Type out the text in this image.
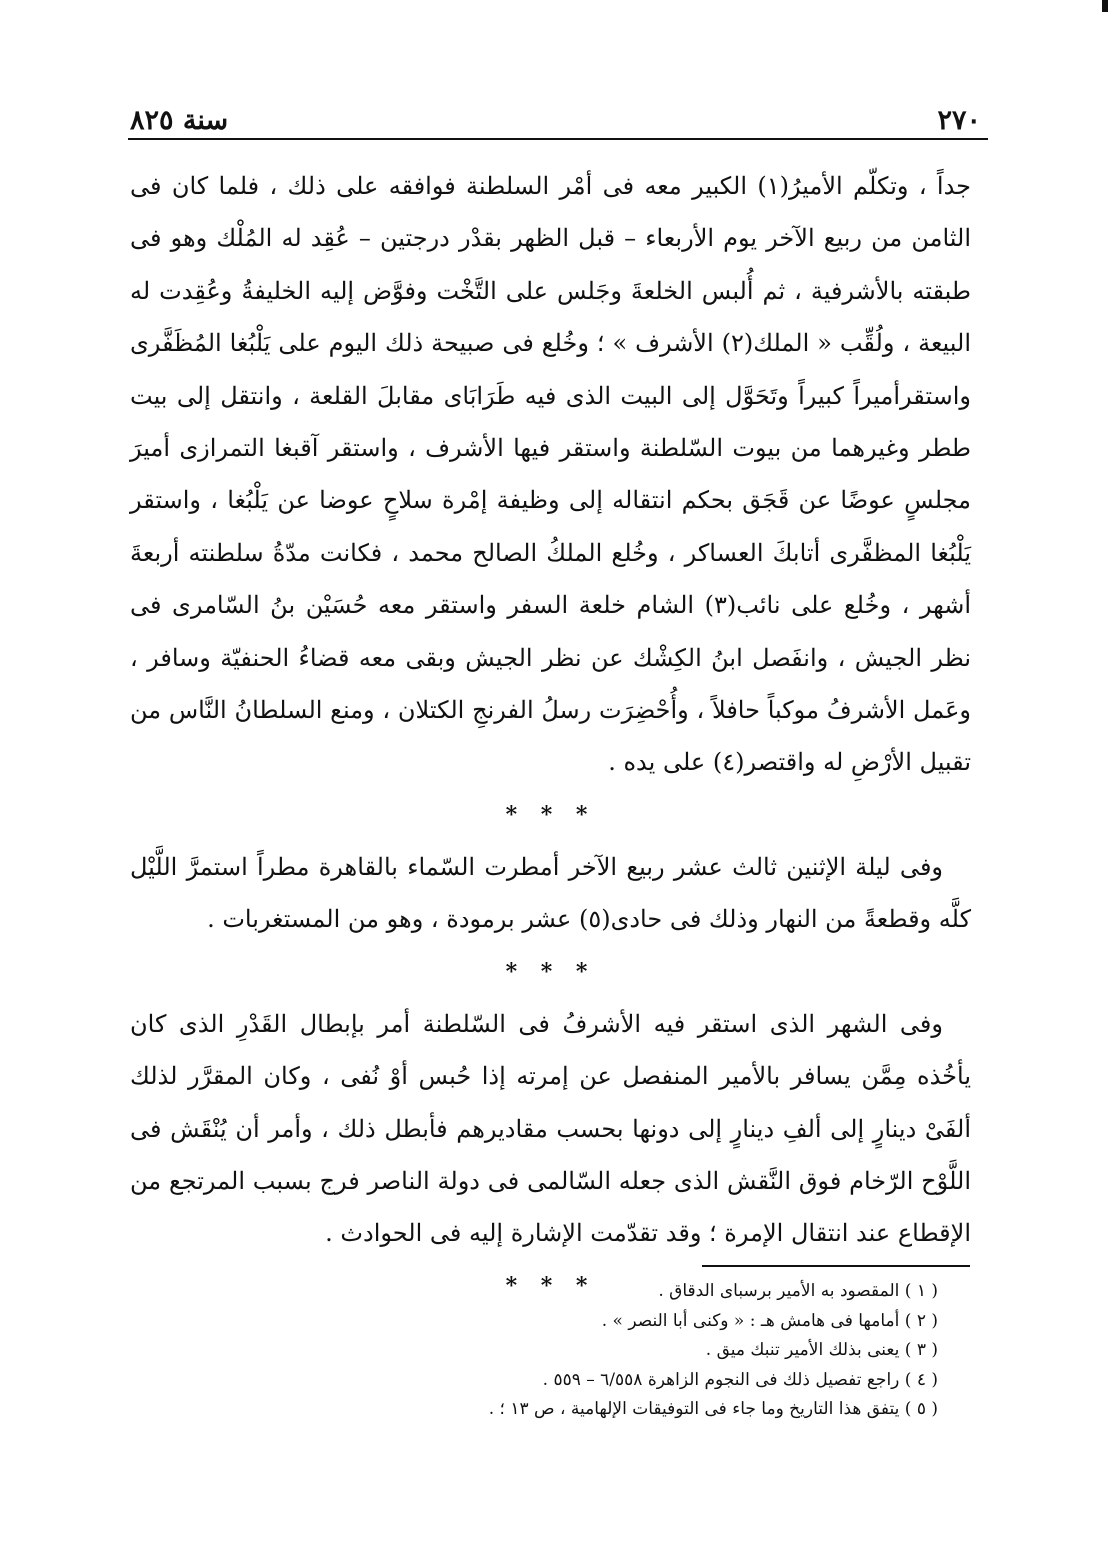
سنة ٨٢٥	٢٧٠

جداً ، وتكلّم الأميرُ(١) الكبير معه فى أمْر السلطنة فوافقه على ذلك ، فلما كان فى الثامن من ربيع الآخر يوم الأربعاء – قبل الظهر بقدْر درجتين – عُقِد له المُلْك وهو فى طبقته بالأشرفية ، ثم أُلبس الخلعةَ وجَلس على التَّخْت وفوَّض إليه الخليفةُ وعُقِدت له البيعة ، ولُقِّب « الملك(٢) الأشرف » ؛ وخُلع فى صبيحة ذلك اليوم على يَلْبُغا المُظَفَّرى واستقرأميراً كبيراً وتَحَوَّل إلى البيت الذى فيه طَرَابَاى مقابلَ القلعة ، وانتقل إلى بيت ططر وغيرهما من بيوت السّلطنة واستقر فيها الأشرف ، واستقر آقبغا التمرازى أميرَ مجلسٍ عوضًا عن قَجَق بحكم انتقاله إلى وظيفة إمْرة سلاحٍ عوضا عن يَلْبُغا ، واستقر يَلْبُغا المظفَّرى أتابكَ العساكر ، وخُلع الملكُ الصالح محمد ، فكانت مدّةُ سلطنته أربعةَ أشهر ، وخُلع على نائب(٣) الشام خلعة السفر واستقر معه حُسَيْن بنُ السّامرى فى نظر الجيش ، وانفَصل ابنُ الكِشْك عن نظر الجيش وبقى معه قضاءُ الحنفيّة وسافر ، وعَمل الأشرفُ موكباً حافلاً ، وأُحْضِرَت رسلُ الفرنجِ الكتلان ، ومنع السلطانُ النَّاس من تقبيل الأرْضِ له واقتصر(٤) على يده .

* * *

وفى ليلة الإثنين ثالث عشر ربيع الآخر أمطرت السّماء بالقاهرة مطراً استمرَّ اللَّيْل كلَّه وقطعةً من النهار وذلك فى حادى(٥) عشر برمودة ، وهو من المستغربات .

* * *

وفى الشهر الذى استقر فيه الأشرفُ فى السّلطنة أمر بإبطال القَدْرِ الذى كان يأخُذه مِمَّن يسافر بالأمير المنفصل عن إمرته إذا حُبس أوْ نُفى ، وكان المقرَّر لذلك ألفَىْ دينارٍ إلى ألفِ دينارٍ إلى دونها بحسب مقاديرهم فأبطل ذلك ، وأمر أن يُنْقَش فى اللَّوْح الرّخام فوق النَّقش الذى جعله السّالمى فى دولة الناصر فرج بسبب المرتجع من الإقطاع عند انتقال الإمرة ؛ وقد تقدّمت الإشارة إليه فى الحوادث .

* * *	( ١ ) المقصود به الأمير برسباى الدقاق .
( ٢ ) أمامها فى هامش هـ : « وكنى أبا النصر » .
( ٣ ) يعنى بذلك الأمير تنبك ميق .
( ٤ ) راجع تفصيل ذلك فى النجوم الزاهرة ٦/٥٥٨ – ٥٥٩ .
( ٥ ) يتفق هذا التاريخ وما جاء فى التوفيقات الإلهامية ، ص ١٣ ؛ .
